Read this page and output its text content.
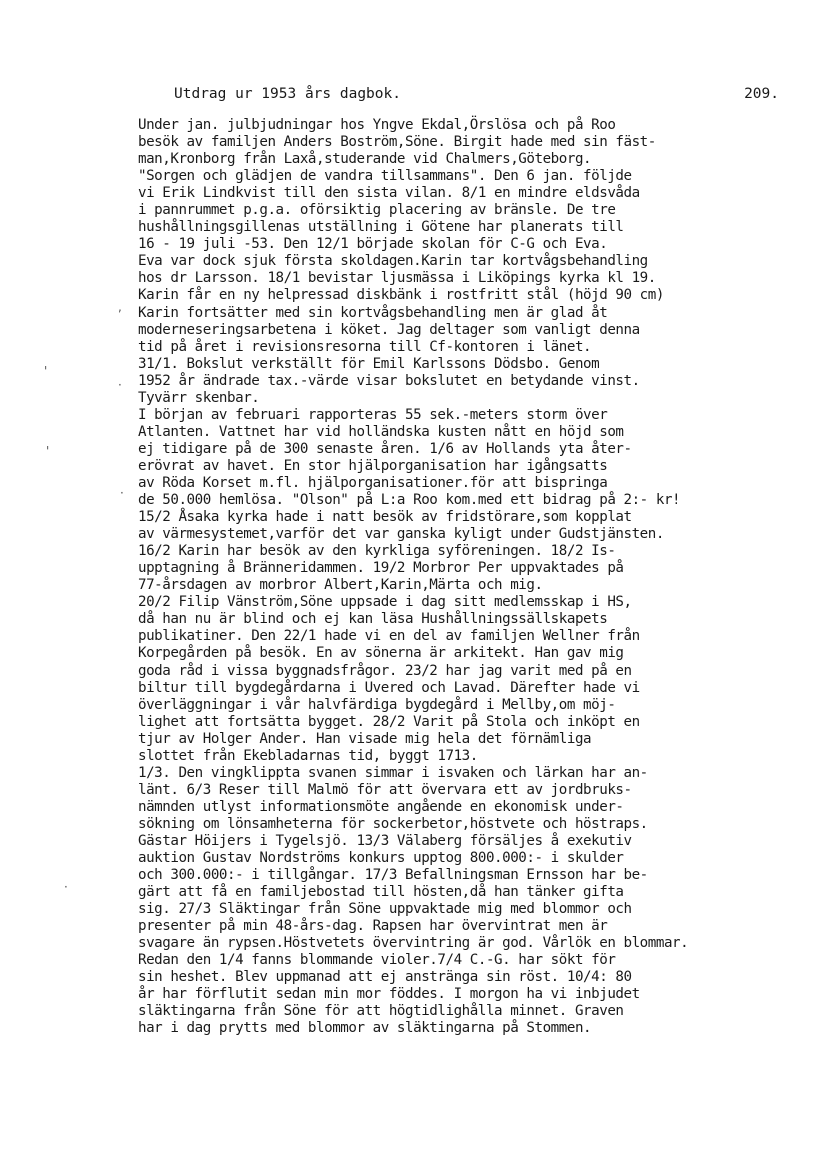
Utdrag ur 1953 års dagbok.	209.
,
'
·
'
·
·
Under jan. julbjudningar hos Yngve Ekdal,Örslösa och på Roo
besök av familjen Anders Boström,Söne. Birgit hade med sin fäst-
man,Kronborg från Laxå,studerande vid Chalmers,Göteborg.
"Sorgen och glädjen de vandra tillsammans". Den 6 jan. följde
vi Erik Lindkvist till den sista vilan. 8/1 en mindre eldsvåda
i pannrummet p.g.a. oförsiktig placering av bränsle. De tre
hushållningsgillenas utställning i Götene har planerats till
16 - 19 juli -53. Den 12/1 började skolan för C-G och Eva.
Eva var dock sjuk första skoldagen.Karin tar kortvågsbehandling
hos dr Larsson. 18/1 bevistar ljusmässa i Liköpings kyrka kl 19.
Karin får en ny helpressad diskbänk i rostfritt stål (höjd 90 cm)
Karin fortsätter med sin kortvågsbehandling men är glad åt
moderneseringsarbetena i köket. Jag deltager som vanligt denna
tid på året i revisionsresorna till Cf-kontoren i länet.
31/1. Bokslut verkställt för Emil Karlssons Dödsbo. Genom
1952 år ändrade tax.-värde visar bokslutet en betydande vinst.
Tyvärr skenbar.
I början av februari rapporteras 55 sek.-meters storm över
Atlanten. Vattnet har vid holländska kusten nått en höjd som
ej tidigare på de 300 senaste åren. 1/6 av Hollands yta åter-
erövrat av havet. En stor hjälporganisation har igångsatts
av Röda Korset m.fl. hjälporganisationer.för att bispringa
de 50.000 hemlösa. "Olson" på L:a Roo kom.med ett bidrag på 2:- kr!
15/2 Åsaka kyrka hade i natt besök av fridstörare,som kopplat
av värmesystemet,varför det var ganska kyligt under Gudstjänsten.
16/2 Karin har besök av den kyrkliga syföreningen. 18/2 Is-
upptagning å Bränneridammen. 19/2 Morbror Per uppvaktades på
77-årsdagen av morbror Albert,Karin,Märta och mig.
20/2 Filip Vänström,Söne uppsade i dag sitt medlemsskap i HS,
då han nu är blind och ej kan läsa Hushållningssällskapets
publikatiner. Den 22/1 hade vi en del av familjen Wellner från
Korpegården på besök. En av sönerna är arkitekt. Han gav mig
goda råd i vissa byggnadsfrågor. 23/2 har jag varit med på en
biltur till bygdegårdarna i Uvered och Lavad. Därefter hade vi
överläggningar i vår halvfärdiga bygdegård i Mellby,om möj-
lighet att fortsätta bygget. 28/2 Varit på Stola och inköpt en
tjur av Holger Ander. Han visade mig hela det förnämliga
slottet från Ekebladarnas tid, byggt 1713.
1/3. Den vingklippta svanen simmar i isvaken och lärkan har an-
länt. 6/3 Reser till Malmö för att övervara ett av jordbruks-
nämnden utlyst informationsmöte angående en ekonomisk under-
sökning om lönsamheterna för sockerbetor,höstvete och höstraps.
Gästar Höijers i Tygelsjö. 13/3 Välaberg försäljes å exekutiv
auktion Gustav Nordströms konkurs upptog 800.000:- i skulder
och 300.000:- i tillgångar. 17/3 Befallningsman Ernsson har be-
gärt att få en familjebostad till hösten,då han tänker gifta
sig. 27/3 Släktingar från Söne uppvaktade mig med blommor och
presenter på min 48-års-dag. Rapsen har övervintrat men är
svagare än rypsen.Höstvetets övervintring är god. Vårlök en blommar.
Redan den 1/4 fanns blommande violer.7/4 C.-G. har sökt för
sin heshet. Blev uppmanad att ej anstränga sin röst. 10/4: 80
år har förflutit sedan min mor föddes. I morgon ha vi inbjudet
släktingarna från Söne för att högtidlighålla minnet. Graven
har i dag prytts med blommor av släktingarna på Stommen.
